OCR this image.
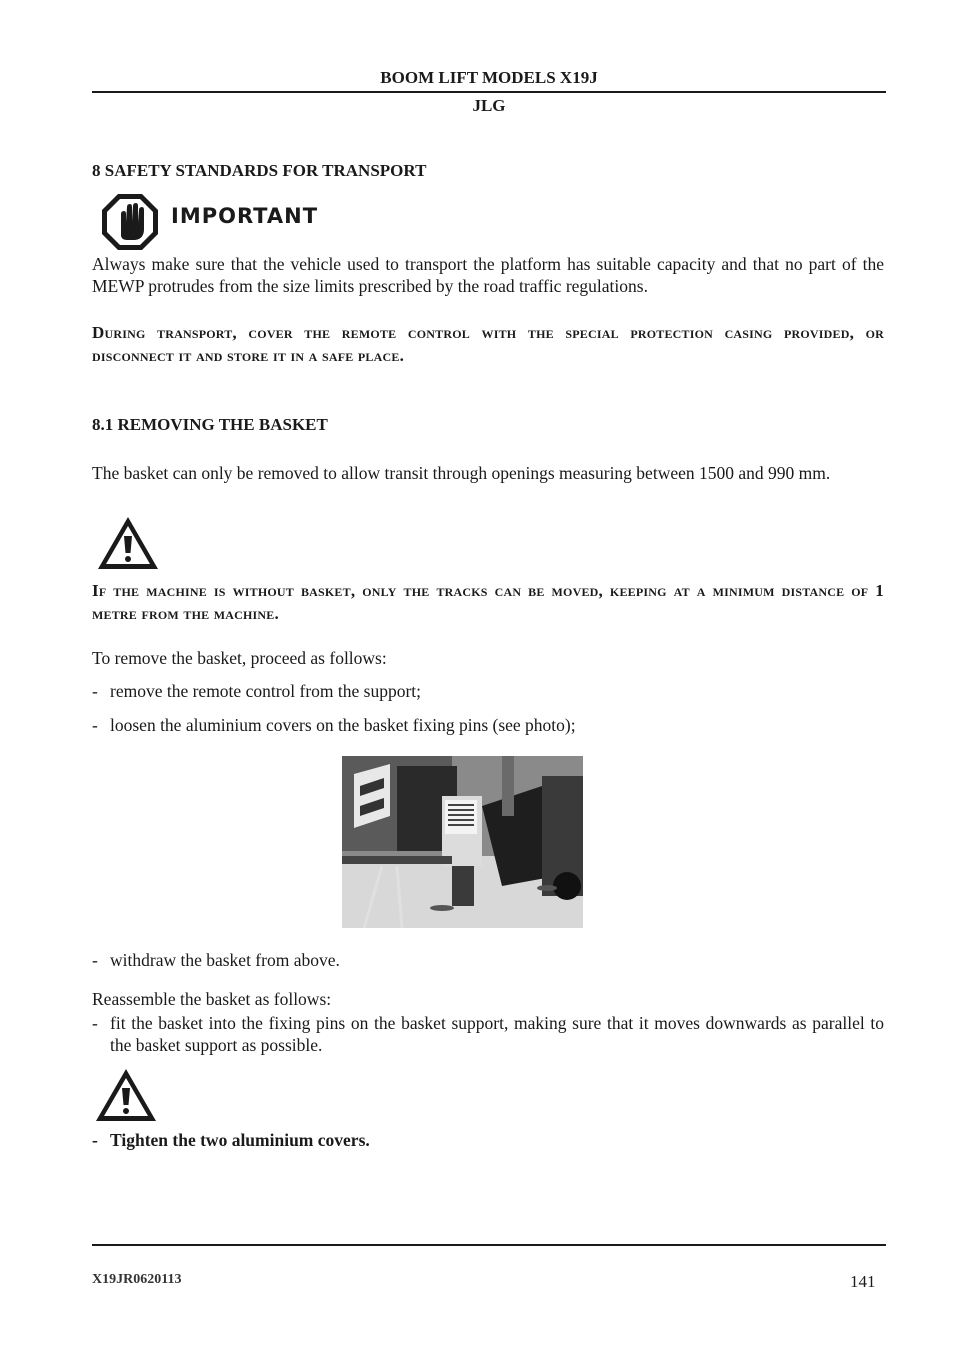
BOOM LIFT MODELS X19J
JLG
8 SAFETY STANDARDS FOR TRANSPORT
IMPORTANT
Always make sure that the vehicle used to transport the platform has suitable capacity and that no part of the MEWP protrudes from the size limits prescribed by the road traffic regulations.
During transport, cover the remote control with the special protection casing provided, or disconnect it and store it in a safe place.
8.1 REMOVING THE BASKET
The basket can only be removed to allow transit through openings measuring between 1500 and 990 mm.
If the machine is without basket, only the tracks can be moved, keeping at a minimum distance of 1 metre from the machine.
To remove the basket, proceed as follows:
- remove the remote control from the support;
- loosen the aluminium covers on the basket fixing pins (see photo);
- withdraw the basket from above.
Reassemble the basket as follows:
- fit the basket into the fixing pins on the basket support, making sure that it moves downwards as parallel to the basket support as possible.
- Tighten the two aluminium covers.
X19JR0620113	141
